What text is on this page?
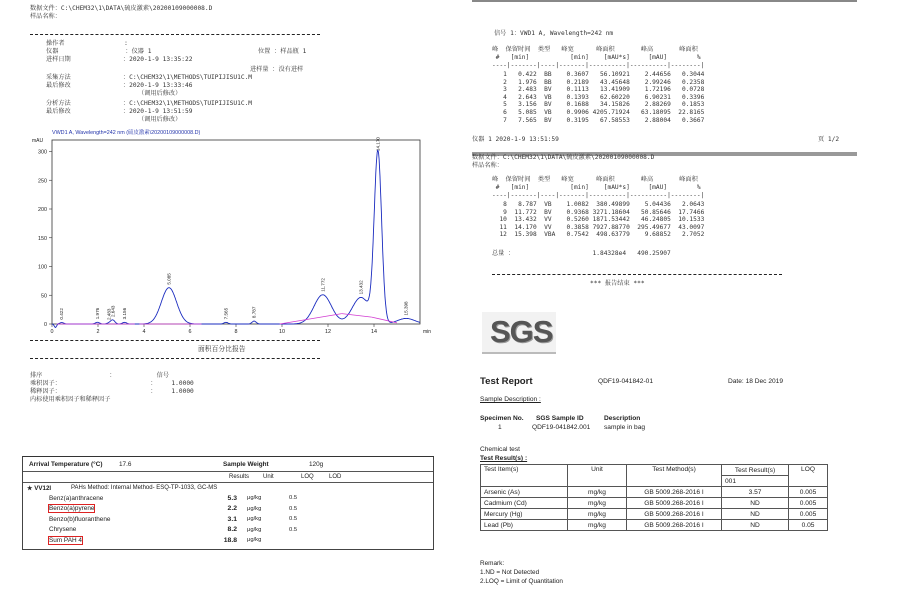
数据文件：C:\CHEM32\1\DATA\硫皮激素\20200109000008.D
样品名称：
操作者                :
仪器                  ：仪器 1	位置 ：样品瓶 1
进样日期              ：2020-1-9 13:35:22
进样量 ：没有进样
采集方法              ：C:\CHEM32\1\METHODS\TUIPIJISU1C.M
最后修改              ：2020-1-9 13:33:46
（调用后修改）
分析方法              ：C:\CHEM32\1\METHODS\TUIPIJISU1C.M
最后修改              ：2020-1-9 13:51:59
（调用后修改）
VWD1 A, Wavelength=242 nm (硫皮激素\20200109000008.D)
0
50
100
150
200
250
300
0	2	4	6	8	10	12	14
mAU
min
0.422	1.976 2.483
2.643 3.156
5.085
7.565	8.787
11.772	13.432
14.170
15.398
面积百分比报告
排序                  ：           信号
乘积因子：                        ：    1.0000
稀释因子：                        ：    1.0000
内标使用乘积因子和稀释因子
Arrival Temperature (°C)	17.6	Sample Weight	120g
Results Unit	LOQ	LOD
★ VV12I	PAHs Method: Internal Method- ESQ-TP-1033, GC-MS
Benz(a)anthracene	5.3	μg/kg	0.5
Benzo(a)pyrene	2.2	μg/kg	0.5
Benzo(b)fluoranthene	3.1	μg/kg	0.5
Chrysene	8.2	μg/kg	0.5
Sum PAH 4	18.8	μg/kg	
信号 1：VWD1 A, Wavelength=242 nm
峰  保留时间  类型   峰宽      峰面积       峰高       峰面积
#   [min]           [min]    [mAU*s]     [mAU]        %
----|-------|----|-------|----------|----------|--------|
1   0.422  BB    0.3607   56.10921    2.44656   0.3044
2   1.976  BB    0.2189   43.45648    2.99246   0.2358
3   2.483  BV    0.1113   13.41909    1.72196   0.0728
4   2.643  VB    0.1393   62.60220    6.90231   0.3396
5   3.156  BV    0.1688   34.15826    2.88269   0.1853
6   5.085  VB    0.9906 4205.71924   63.18095  22.8165
7   7.565  BV    0.3195   67.58553    2.88004   0.3667
仪器 1 2020-1-9 13:51:59	页 1/2
数据文件：C:\CHEM32\1\DATA\硫皮激素\20200109000008.D
样品名称：
峰  保留时间  类型   峰宽      峰面积       峰高       峰面积
#   [min]           [min]    [mAU*s]     [mAU]        %
----|-------|----|-------|----------|----------|--------|
8   8.787  VB    1.0082  380.49899    5.04436   2.0643
9  11.772  BV    0.9368 3271.18604   50.85646  17.7466
10  13.432  VV    0.5260 1871.53442   46.24805  10.1533
11  14.170  VV    0.3858 7927.88770  295.49677  43.0097
12  15.398  VBA   0.7542  498.63779    9.68852   2.7052
总量 ：                     1.84328e4   490.25907
*** 报告结束 ***
SGS
Test Report	QDF19-041842-01	Date: 18 Dec 2019
Sample Description :
Specimen No. SGS Sample ID	Description
1	QDF19-041842.001 sample in bag
Chemical test
Test Result(s) :
Test Item(s)	Unit	Test Method(s)	Test Result(s)	LOQ
			001	
Arsenic (As)	mg/kg	GB 5009.268-2016 I	3.57	0.005
Cadmium (Cd)	mg/kg	GB 5009.268-2016 I	ND	0.005
Mercury (Hg)	mg/kg	GB 5009.268-2016 I	ND	0.005
Lead (Pb)	mg/kg	GB 5009.268-2016 I	ND	0.05
Remark:
1.ND = Not Detected
2.LOQ = Limit of Quantitation
